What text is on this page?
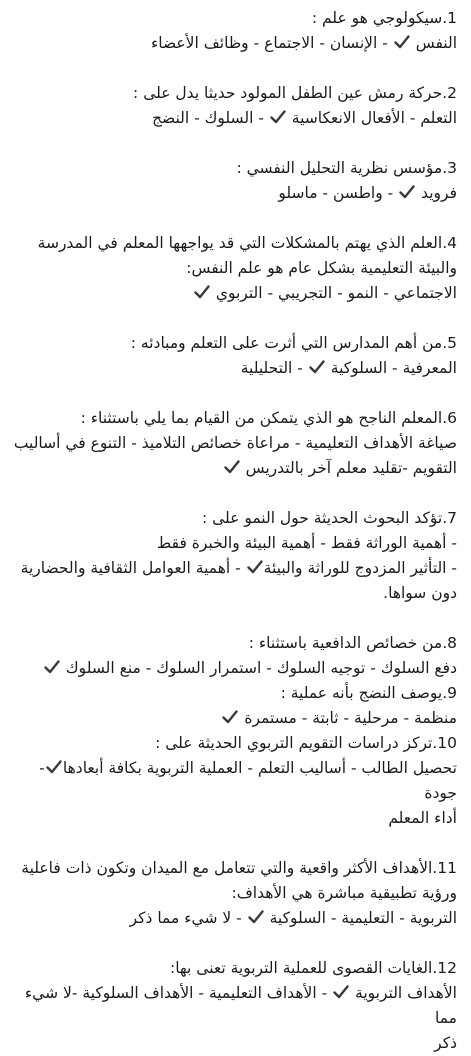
1.سيكولوجي هو علم :
النفس
- الإنسان - الاجتماع - وظائف الأعضاء
2.حركة رمش عين الطفل المولود حديثا يدل على :
التعلم - الأفعال الانعكاسية
- السلوك - النضج
3.مؤسس نظرية التحليل النفسي :
فرويد
- واطسن - ماسلو
4.العلم الذي يهتم بالمشكلات التي قد يواجهها المعلم في المدرسة
والبيئة التعليمية بشكل عام هو علم النفس:
الاجتماعي - النمو - التجريبي - التربوي
5.من أهم المدارس التي أثرت على التعلم ومبادئه :
المعرفية - السلوكية
- التحليلية
6.المعلم الناجح هو الذي يتمكن من القيام بما يلي باستثناء :
صياغة الأهداف التعليمية - مراعاة خصائص التلاميذ - التنوع في أساليب
التقويم -تقليد معلم آخر بالتدريس
7.تؤكد البحوث الحديثة حول النمو على :
- أهمية الوراثة فقط - أهمية البيئة والخبرة فقط
- التأثير المزدوج للوراثة والبيئة
- أهمية العوامل الثقافية والحضارية
دون سواها.
8.من خصائص الدافعية باستثناء :
دفع السلوك - توجيه السلوك - استمرار السلوك - منع السلوك
9.يوصف النضج بأنه عملية :
منظمة - مرحلية - ثابتة - مستمرة
10.تركز دراسات التقويم التربوي الحديثة على :
تحصيل الطالب - أساليب التعلم - العملية التربوية بكافة أبعادها
- جودة
أداء المعلم
11.الأهداف الأكثر واقعية والتي تتعامل مع الميدان وتكون ذات فاعلية
ورؤية تطبيقية مباشرة هي الأهداف:
التربوية - التعليمية - السلوكية
- لا شيء مما ذكر
12.الغايات القصوى للعملية التربوية تعنى بها:
الأهداف التربوية
- الأهداف التعليمية - الأهداف السلوكية -لا شيء مما
ذكر
